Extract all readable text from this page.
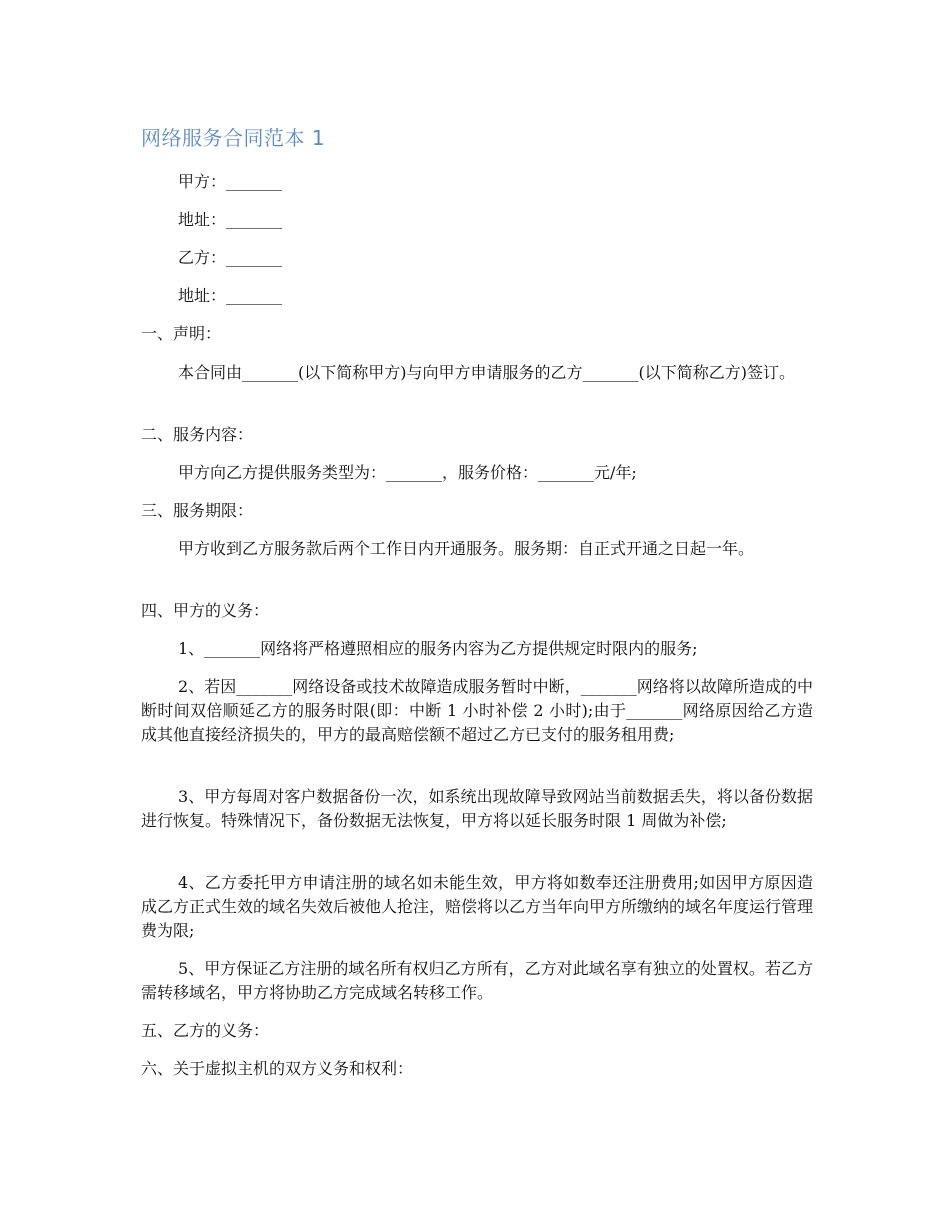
网络服务合同范本 1
甲方：_______
地址：_______
乙方：_______
地址：_______
一、声明：
本合同由_______(以下简称甲方)与向甲方申请服务的乙方_______(以下简称乙方)签订。
二、服务内容：
甲方向乙方提供服务类型为：_______，服务价格：_______元/年;
三、服务期限：
甲方收到乙方服务款后两个工作日内开通服务。服务期：自正式开通之日起一年。
四、甲方的义务：
1、_______网络将严格遵照相应的服务内容为乙方提供规定时限内的服务;
2、若因_______网络设备或技术故障造成服务暂时中断，_______网络将以故障所造成的中断时间双倍顺延乙方的服务时限(即：中断 1 小时补偿 2 小时);由于_______网络原因给乙方造成其他直接经济损失的，甲方的最高赔偿额不超过乙方已支付的服务租用费;
3、甲方每周对客户数据备份一次，如系统出现故障导致网站当前数据丢失，将以备份数据进行恢复。特殊情况下，备份数据无法恢复，甲方将以延长服务时限 1 周做为补偿;
4、乙方委托甲方申请注册的域名如未能生效，甲方将如数奉还注册费用;如因甲方原因造成乙方正式生效的域名失效后被他人抢注，赔偿将以乙方当年向甲方所缴纳的域名年度运行管理费为限;
5、甲方保证乙方注册的域名所有权归乙方所有，乙方对此域名享有独立的处置权。若乙方需转移域名，甲方将协助乙方完成域名转移工作。
五、乙方的义务：
六、关于虚拟主机的双方义务和权利：
